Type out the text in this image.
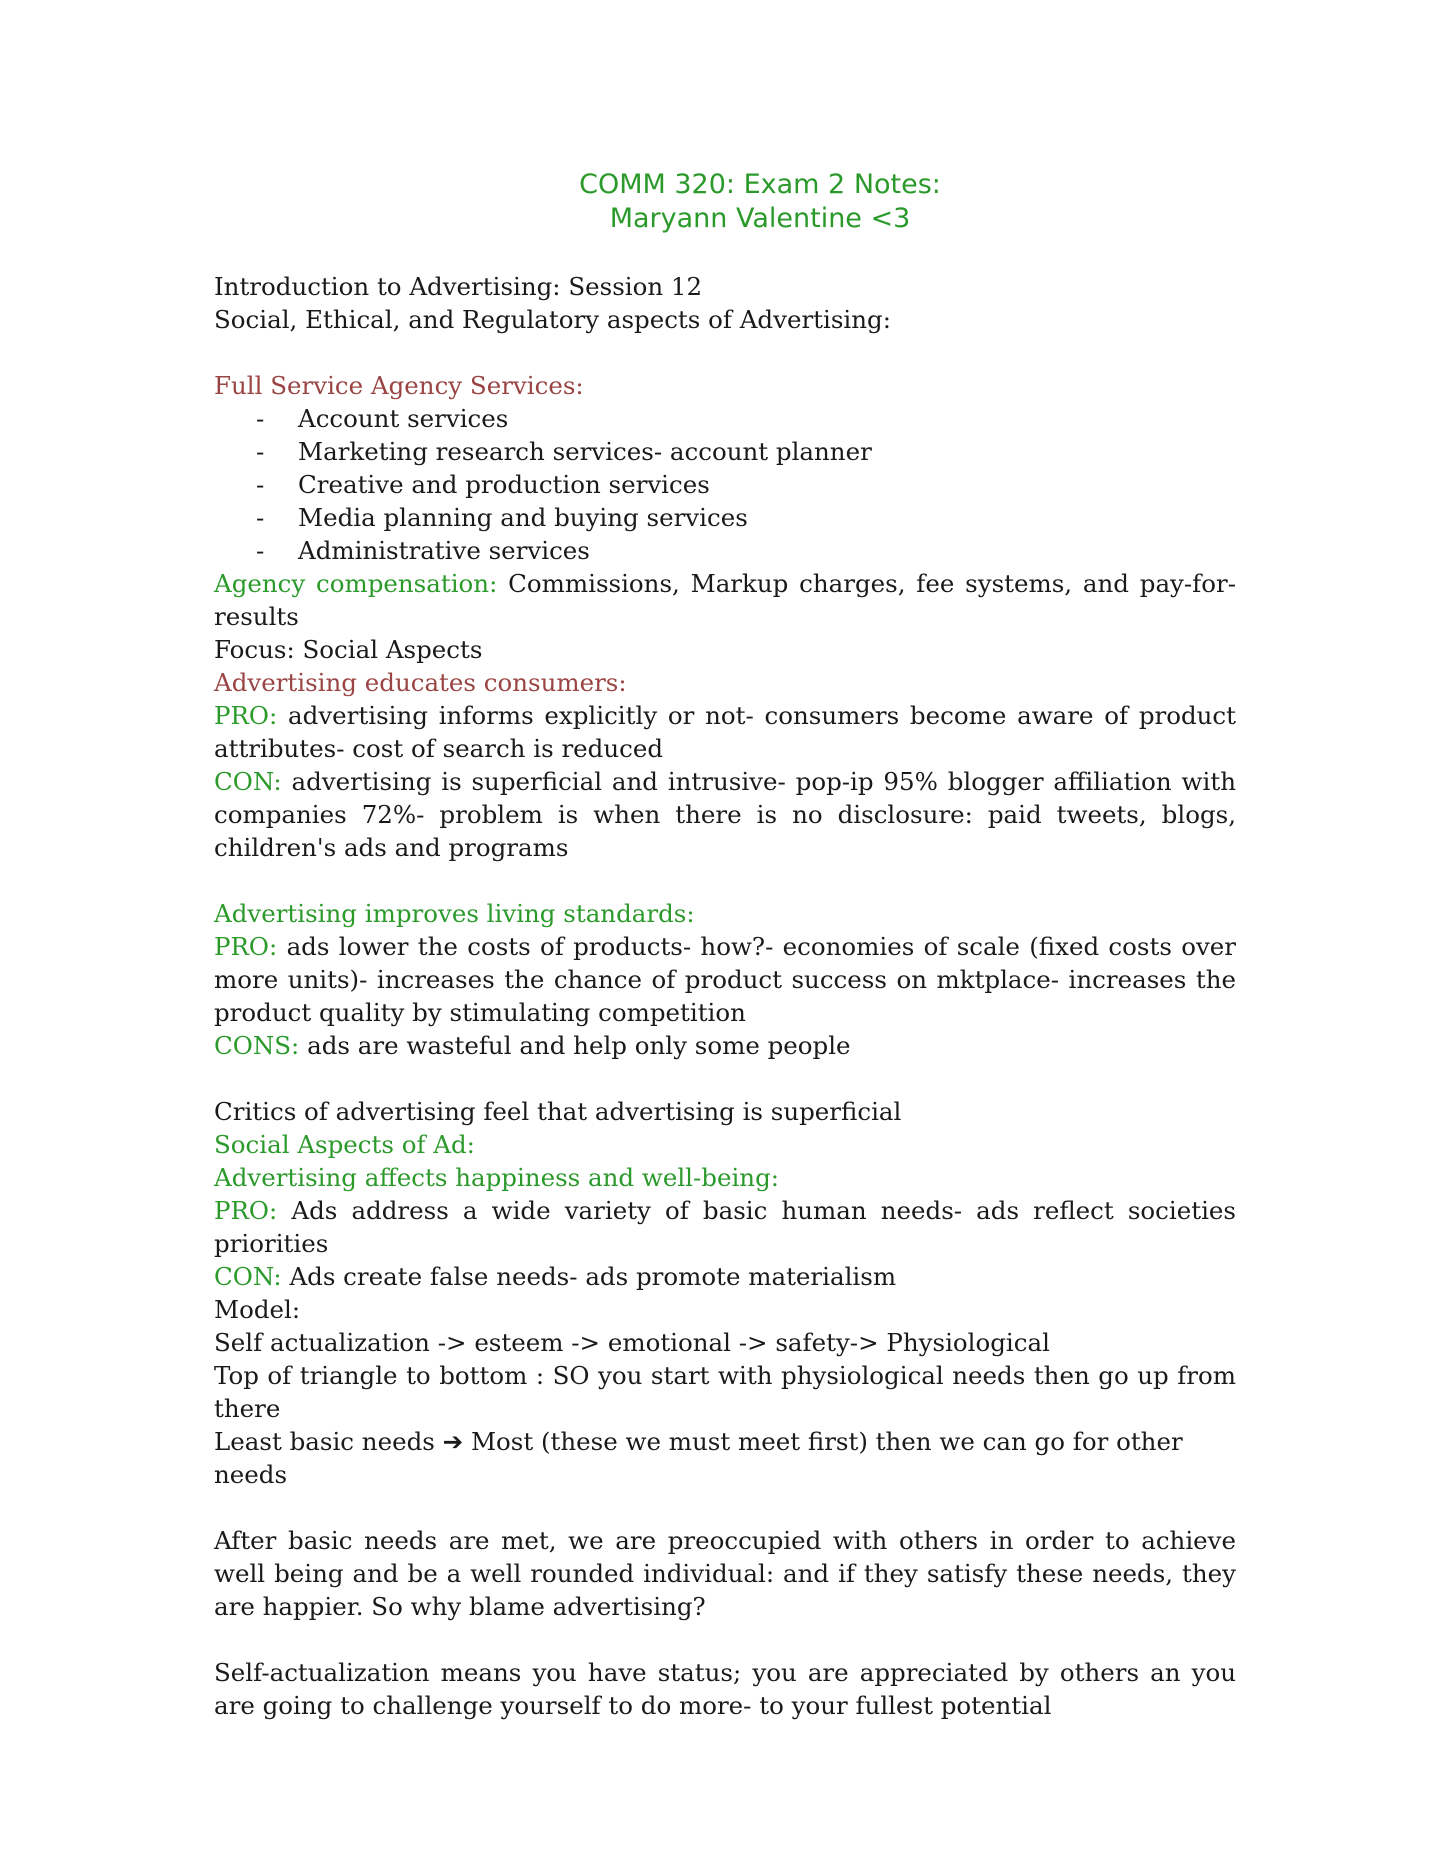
COMM 320: Exam 2 Notes:
Maryann Valentine <3

Introduction to Advertising: Session 12

Social, Ethical, and Regulatory aspects of Advertising:

Full Service Agency Services:

- Account services
- Marketing research services- account planner
- Creative and production services
- Media planning and buying services
- Administrative services

Agency compensation: Commissions, Markup charges, fee systems, and pay-for-results

Focus: Social Aspects

Advertising educates consumers:

PRO: advertising informs explicitly or not- consumers become aware of product attributes- cost of search is reduced

CON: advertising is superficial and intrusive- pop-ip 95% blogger affiliation with companies 72%- problem is when there is no disclosure: paid tweets, blogs, children's ads and programs

Advertising improves living standards:

PRO: ads lower the costs of products- how?- economies of scale (fixed costs over more units)- increases the chance of product success on mktplace- increases the product quality by stimulating competition

CONS: ads are wasteful and help only some people

Critics of advertising feel that advertising is superficial

Social Aspects of Ad:

Advertising affects happiness and well-being:

PRO: Ads address a wide variety of basic human needs- ads reflect societies priorities

CON: Ads create false needs- ads promote materialism

Model:

Self actualization -> esteem -> emotional -> safety-> Physiological

Top of triangle to bottom : SO you start with physiological needs then go up from there

Least basic needs ➔ Most (these we must meet first) then we can go for other needs

After basic needs are met, we are preoccupied with others in order to achieve well being and be a well rounded individual: and if they satisfy these needs, they are happier. So why blame advertising?

Self-actualization means you have status; you are appreciated by others an you are going to challenge yourself to do more- to your fullest potential
